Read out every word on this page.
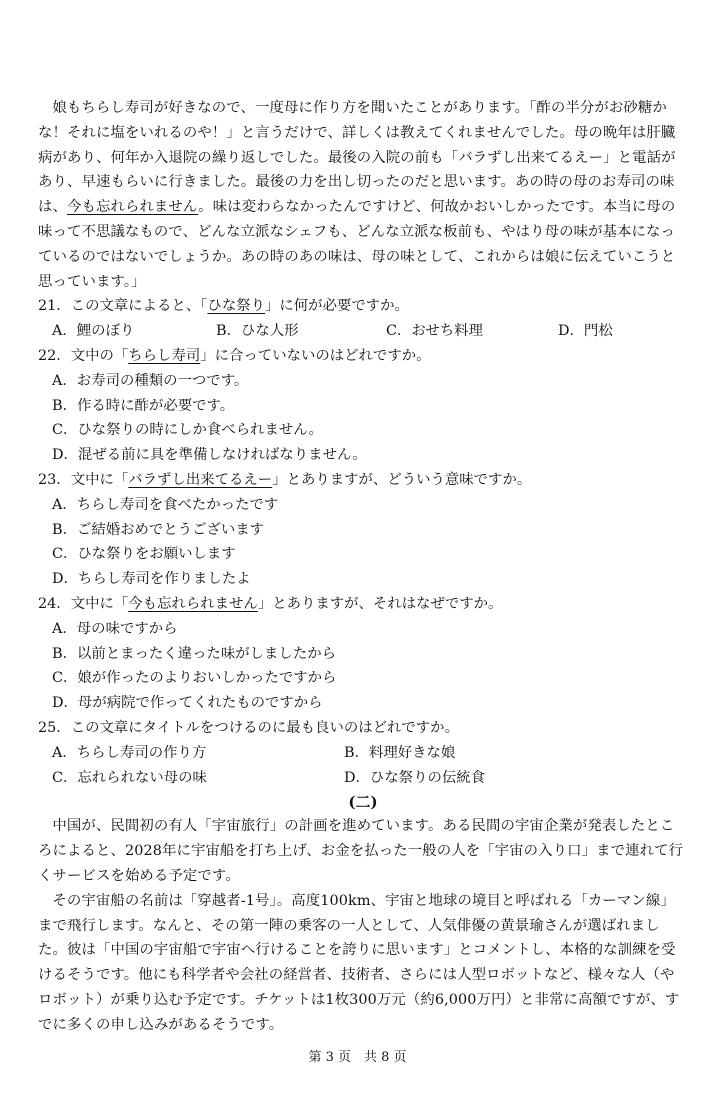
娘もちらし寿司が好きなので、一度母に作り方を聞いたことがあります。「酢の半分がお砂糖かな！それに塩をいれるのや！」と言うだけで、詳しくは教えてくれませんでした。母の晩年は肝臓病があり、何年か入退院の繰り返しでした。最後の入院の前も「バラずし出来てるえー」と電話があり、早速もらいに行きました。最後の力を出し切ったのだと思います。あの時の母のお寿司の味は、今も忘れられません。味は変わらなかったんですけど、何故かおいしかったです。本当に母の味って不思議なもので、どんな立派なシェフも、どんな立派な板前も、やはり母の味が基本になっているのではないでしょうか。あの時のあの味は、母の味として、これからは娘に伝えていこうと思っています。」

21．この文章によると、「ひな祭り」に何が必要ですか。

A．鯉のぼり	B．ひな人形	C．おせち料理	D．門松

22．文中の「ちらし寿司」に合っていないのはどれですか。

A．お寿司の種類の一つです。

B．作る時に酢が必要です。

C．ひな祭りの時にしか食べられません。

D．混ぜる前に具を準備しなければなりません。

23．文中に「バラずし出来てるえー」とありますが、どういう意味ですか。

A．ちらし寿司を食べたかったです

B．ご結婚おめでとうございます

C．ひな祭りをお願いします

D．ちらし寿司を作りましたよ

24．文中に「今も忘れられません」とありますが、それはなぜですか。

A．母の味ですから

B．以前とまったく違った味がしましたから

C．娘が作ったのよりおいしかったですから

D．母が病院で作ってくれたものですから

25．この文章にタイトルをつけるのに最も良いのはどれですか。

A．ちらし寿司の作り方	B．料理好きな娘
C．忘れられない母の味	D．ひな祭りの伝統食

(二)

中国が、民間初の有人「宇宙旅行」の計画を進めています。ある民間の宇宙企業が発表したところによると、2028年に宇宙船を打ち上げ、お金を払った一般の人を「宇宙の入り口」まで連れて行くサービスを始める予定です。

その宇宙船の名前は「穿越者-1号」。高度100km、宇宙と地球の境目と呼ばれる「カーマン線」まで飛行します。なんと、その第一陣の乗客の一人として、人気俳優の黄景瑜さんが選ばれました。彼は「中国の宇宙船で宇宙へ行けることを誇りに思います」とコメントし、本格的な訓練を受けるそうです。他にも科学者や会社の経営者、技術者、さらには人型ロボットなど、様々な人（やロボット）が乗り込む予定です。チケットは1枚300万元（約6,000万円）と非常に高額ですが、すでに多くの申し込みがあるそうです。

第 3 页　共 8 页
